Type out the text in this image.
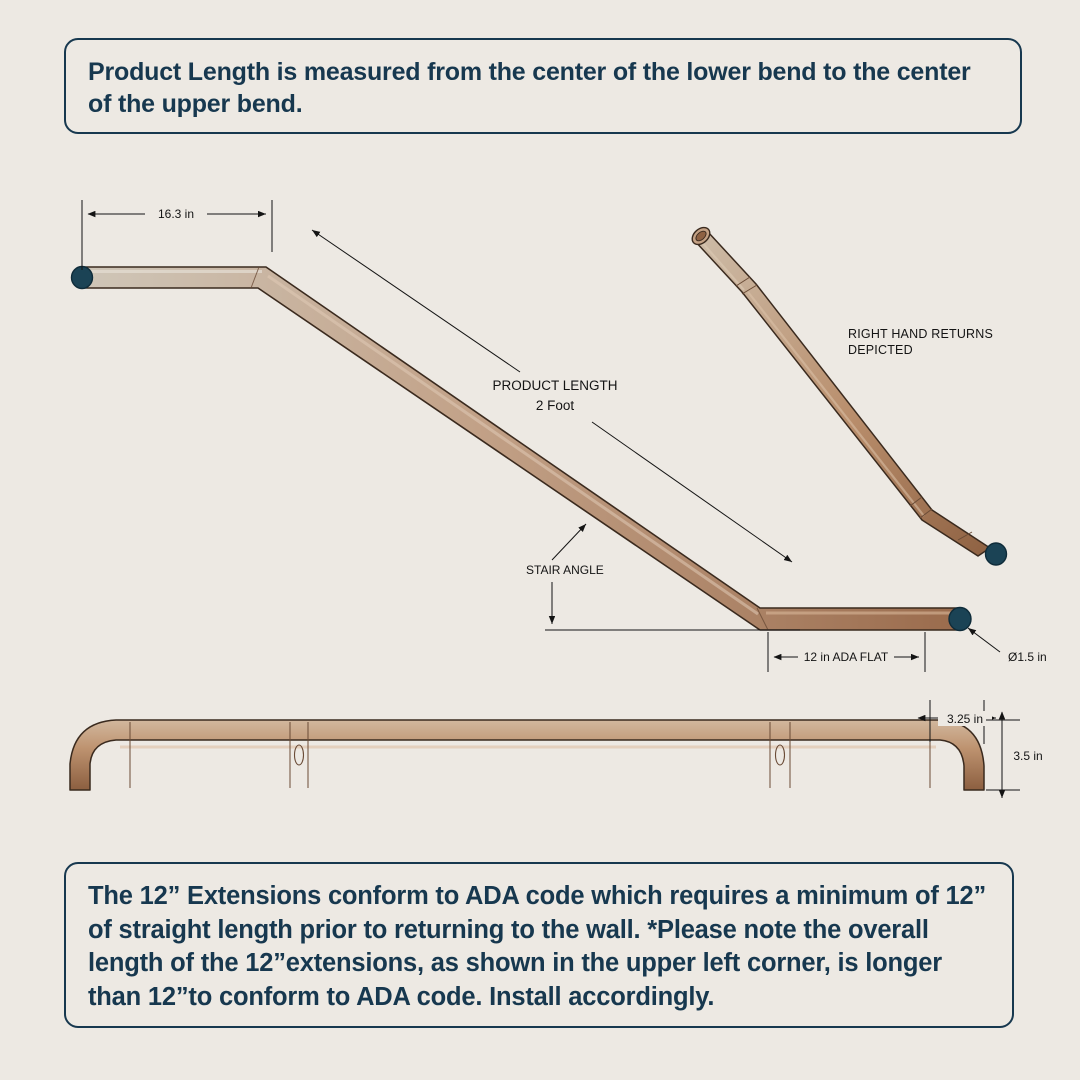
Product Length is measured from the center of the lower bend to the center of the upper bend.

The 12” Extensions conform to ADA code which requires a minimum of 12” of straight length prior to returning to the wall. *Please note the overall length of the 12”extensions, as shown in the upper left corner, is longer than 12”to conform to ADA code. Install accordingly.

16.3 in
PRODUCT LENGTH
2 Foot
STAIR ANGLE
12 in ADA FLAT	Ø1.5 in
RIGHT HAND RETURNS
DEPICTED
3.25 in
3.5 in
